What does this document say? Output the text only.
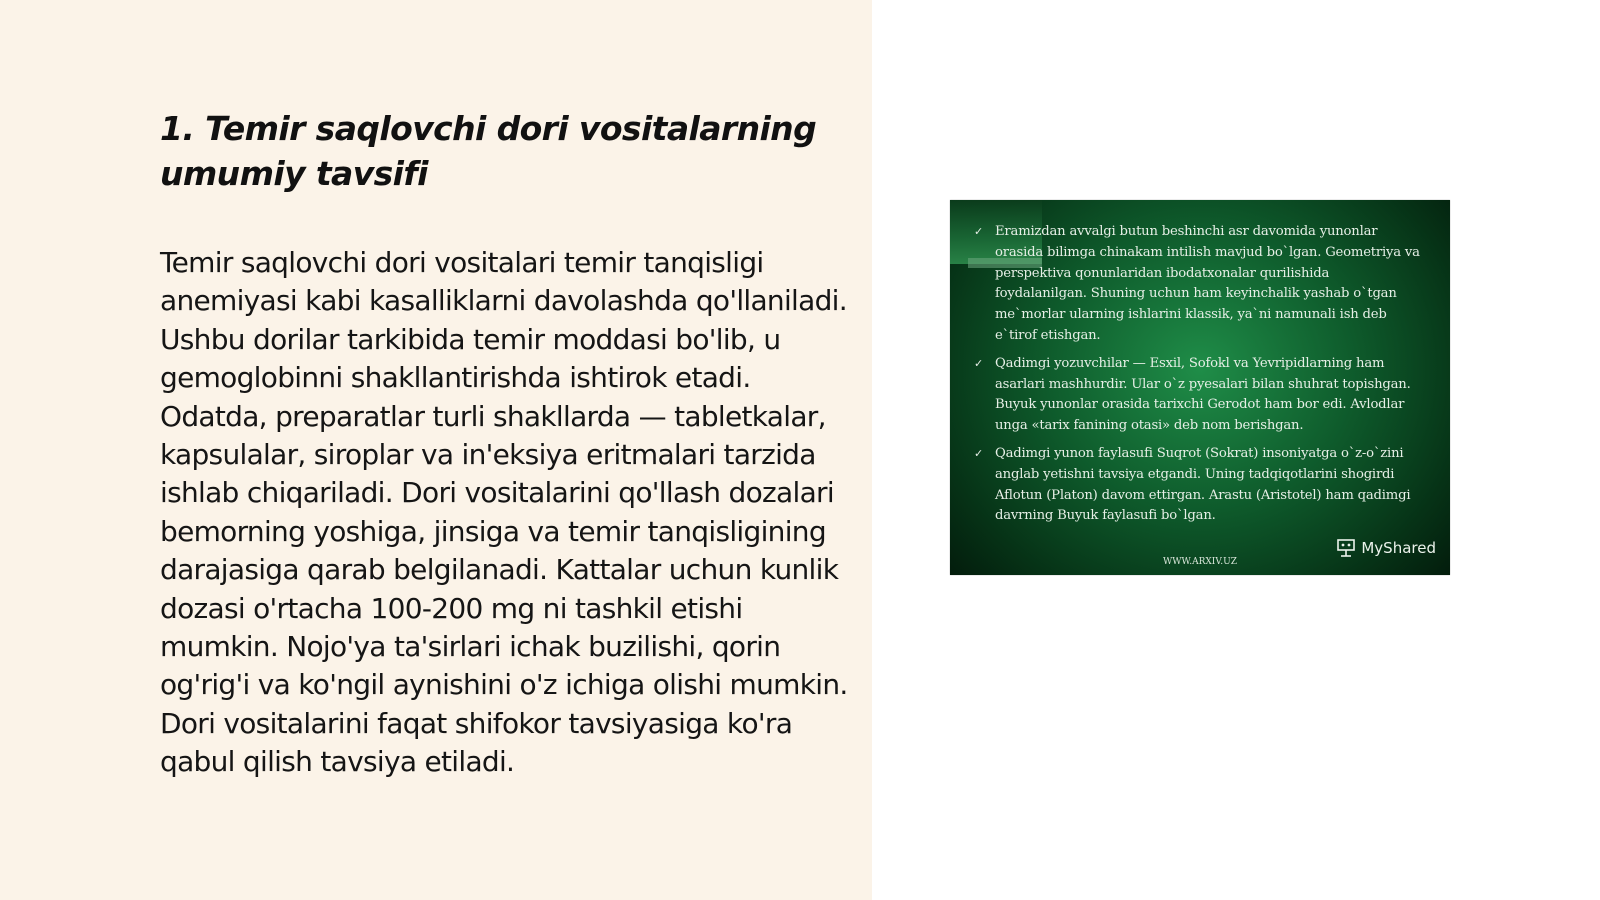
1. Temir saqlovchi dori vositalarning umumiy tavsifi

Temir saqlovchi dori vositalari temir tanqisligi anemiyasi kabi kasalliklarni davolashda qo'llaniladi. Ushbu dorilar tarkibida temir moddasi bo'lib, u gemoglobinni shakllantirishda ishtirok etadi. Odatda, preparatlar turli shakllarda — tabletkalar, kapsulalar, siroplar va in'eksiya eritmalari tarzida ishlab chiqariladi. Dori vositalarini qo'llash dozalari bemorning yoshiga, jinsiga va temir tanqisligining darajasiga qarab belgilanadi. Kattalar uchun kunlik dozasi o'rtacha 100-200 mg ni tashkil etishi mumkin. Nojo'ya ta'sirlari ichak buzilishi, qorin og'rig'i va ko'ngil aynishini o'z ichiga olishi mumkin. Dori vositalarini faqat shifokor tavsiyasiga ko'ra qabul qilish tavsiya etiladi.

✓ Eramizdan avvalgi butun beshinchi asr davomida yunonlar orasida bilimga chinakam intilish mavjud bo`lgan. Geometriya va perspektiva qonunlaridan ibodatxonalar qurilishida foydalanilgan. Shuning uchun ham keyinchalik yashab o`tgan me`morlar ularning ishlarini klassik, ya`ni namunali ish deb e`tirof etishgan.
✓ Qadimgi yozuvchilar — Esxil, Sofokl va Yevripidlarning ham asarlari mashhurdir. Ular o`z pyesalari bilan shuhrat topishgan. Buyuk yunonlar orasida tarixchi Gerodot ham bor edi. Avlodlar unga «tarix fanining otasi» deb nom berishgan.
✓ Qadimgi yunon faylasufi Suqrot (Sokrat) insoniyatga o`z-o`zini anglab yetishni tavsiya etgandi. Uning tadqiqotlarini shogirdi Aflotun (Platon) davom ettirgan. Arastu (Aristotel) ham qadimgi davrning Buyuk faylasufi bo`lgan.
MyShared
WWW.ARXIV.UZ
